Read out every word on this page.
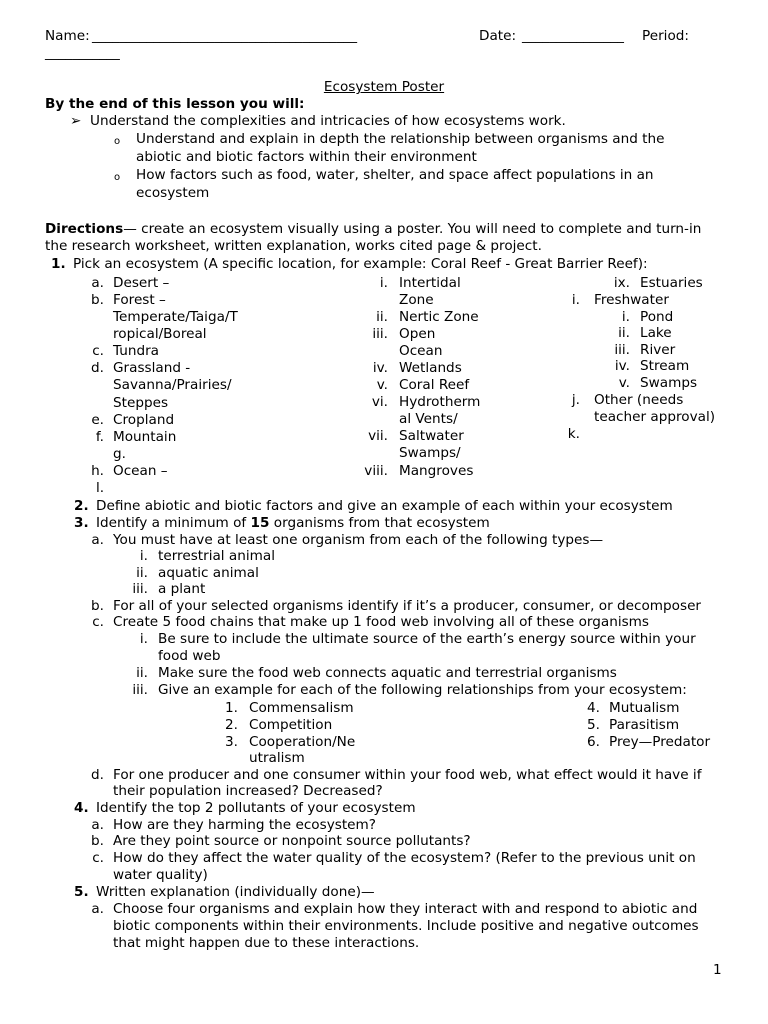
Name: _______________________________________	Date: _______________ Period:
___________
Ecosystem Poster
By the end of this lesson you will:
➢ Understand the complexities and intricacies of how ecosystems work.
o Understand and explain in depth the relationship between organisms and the
abiotic and biotic factors within their environment
o How factors such as food, water, shelter, and space affect populations in an
ecosystem
Directions— create an ecosystem visually using a poster. You will need to complete and turn-in
the research worksheet, written explanation, works cited page & project.
1. Pick an ecosystem (A specific location, for example: Coral Reef - Great Barrier Reef):
a. Desert –
b. Forest –
Temperate/Taiga/T
ropical/Boreal
c. Tundra
d. Grassland -
Savanna/Prairies/
Steppes
e. Cropland
f. Mountain
g.
h. Ocean –
l.
i. Intertidal
Zone
ii. Nertic Zone
iii. Open
Ocean
iv. Wetlands
v. Coral Reef
vi. Hydrotherm
al Vents/
vii. Saltwater
Swamps/
viii. Mangroves
ix. Estuaries
i. Freshwater
i. Pond
ii. Lake
iii. River
iv. Stream
v. Swamps
j. Other (needs
teacher approval)
k.
2. Define abiotic and biotic factors and give an example of each within your ecosystem
3. Identify a minimum of 15 organisms from that ecosystem
a. You must have at least one organism from each of the following types—
i. terrestrial animal
ii. aquatic animal
iii. a plant
b. For all of your selected organisms identify if it’s a producer, consumer, or decomposer
c. Create 5 food chains that make up 1 food web involving all of these organisms
i. Be sure to include the ultimate source of the earth’s energy source within your
food web
ii. Make sure the food web connects aquatic and terrestrial organisms
iii. Give an example for each of the following relationships from your ecosystem:
1. Commensalism
2. Competition
3. Cooperation/Ne
utralism
4. Mutualism
5. Parasitism
6. Prey—Predator
d. For one producer and one consumer within your food web, what effect would it have if
their population increased? Decreased?
4. Identify the top 2 pollutants of your ecosystem
a. How are they harming the ecosystem?
b. Are they point source or nonpoint source pollutants?
c. How do they affect the water quality of the ecosystem? (Refer to the previous unit on
water quality)
5. Written explanation (individually done)—
a. Choose four organisms and explain how they interact with and respond to abiotic and
biotic components within their environments. Include positive and negative outcomes
that might happen due to these interactions.
1
